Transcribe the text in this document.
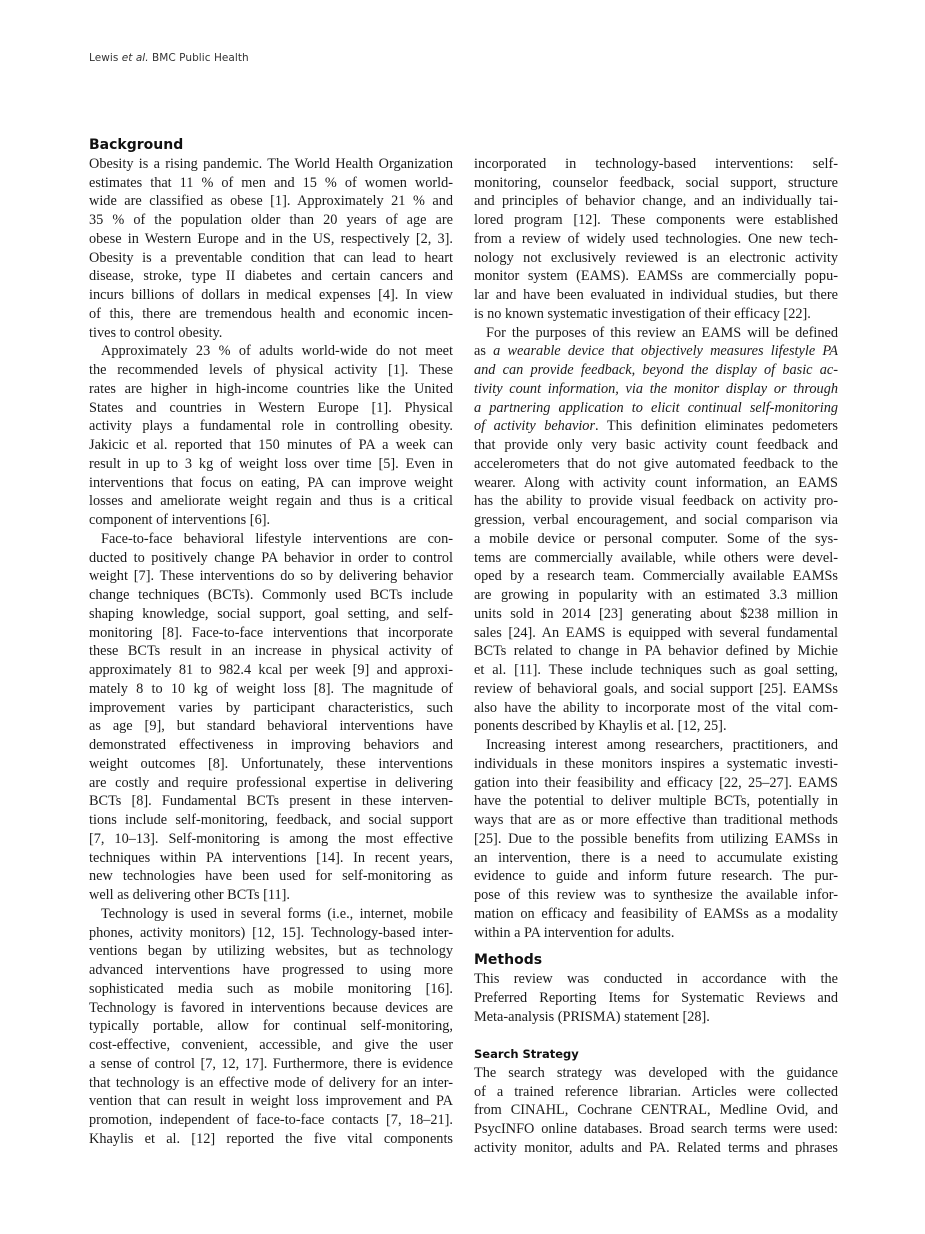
Lewis et al. BMC Public Health
Background
Obesity is a rising pandemic. The World Health Organization
estimates that 11 % of men and 15 % of women world-
wide are classified as obese [1]. Approximately 21 % and
35 % of the population older than 20 years of age are
obese in Western Europe and in the US, respectively [2, 3].
Obesity is a preventable condition that can lead to heart
disease, stroke, type II diabetes and certain cancers and
incurs billions of dollars in medical expenses [4]. In view
of this, there are tremendous health and economic incen-
tives to control obesity.
Approximately 23 % of adults world-wide do not meet
the recommended levels of physical activity [1]. These
rates are higher in high-income countries like the United
States and countries in Western Europe [1]. Physical
activity plays a fundamental role in controlling obesity.
Jakicic et al. reported that 150 minutes of PA a week can
result in up to 3 kg of weight loss over time [5]. Even in
interventions that focus on eating, PA can improve weight
losses and ameliorate weight regain and thus is a critical
component of interventions [6].
Face-to-face behavioral lifestyle interventions are con-
ducted to positively change PA behavior in order to control
weight [7]. These interventions do so by delivering behavior
change techniques (BCTs). Commonly used BCTs include
shaping knowledge, social support, goal setting, and self-
monitoring [8]. Face-to-face interventions that incorporate
these BCTs result in an increase in physical activity of
approximately 81 to 982.4 kcal per week [9] and approxi-
mately 8 to 10 kg of weight loss [8]. The magnitude of
improvement varies by participant characteristics, such
as age [9], but standard behavioral interventions have
demonstrated effectiveness in improving behaviors and
weight outcomes [8]. Unfortunately, these interventions
are costly and require professional expertise in delivering
BCTs [8]. Fundamental BCTs present in these interven-
tions include self-monitoring, feedback, and social support
[7, 10–13]. Self-monitoring is among the most effective
techniques within PA interventions [14]. In recent years,
new technologies have been used for self-monitoring as
well as delivering other BCTs [11].
Technology is used in several forms (i.e., internet, mobile
phones, activity monitors) [12, 15]. Technology-based inter-
ventions began by utilizing websites, but as technology
advanced interventions have progressed to using more
sophisticated media such as mobile monitoring [16].
Technology is favored in interventions because devices are
typically portable, allow for continual self-monitoring,
cost-effective, convenient, accessible, and give the user
a sense of control [7, 12, 17]. Furthermore, there is evidence
that technology is an effective mode of delivery for an inter-
vention that can result in weight loss improvement and PA
promotion, independent of face-to-face contacts [7, 18–21].
Khaylis et al. [12] reported the five vital components
incorporated in technology-based interventions: self-
monitoring, counselor feedback, social support, structure
and principles of behavior change, and an individually tai-
lored program [12]. These components were established
from a review of widely used technologies. One new tech-
nology not exclusively reviewed is an electronic activity
monitor system (EAMS). EAMSs are commercially popu-
lar and have been evaluated in individual studies, but there
is no known systematic investigation of their efficacy [22].
For the purposes of this review an EAMS will be defined
as a wearable device that objectively measures lifestyle PA
and can provide feedback, beyond the display of basic ac-
tivity count information, via the monitor display or through
a partnering application to elicit continual self-monitoring
of activity behavior. This definition eliminates pedometers
that provide only very basic activity count feedback and
accelerometers that do not give automated feedback to the
wearer. Along with activity count information, an EAMS
has the ability to provide visual feedback on activity pro-
gression, verbal encouragement, and social comparison via
a mobile device or personal computer. Some of the sys-
tems are commercially available, while others were devel-
oped by a research team. Commercially available EAMSs
are growing in popularity with an estimated 3.3 million
units sold in 2014 [23] generating about $238 million in
sales [24]. An EAMS is equipped with several fundamental
BCTs related to change in PA behavior defined by Michie
et al. [11]. These include techniques such as goal setting,
review of behavioral goals, and social support [25]. EAMSs
also have the ability to incorporate most of the vital com-
ponents described by Khaylis et al. [12, 25].
Increasing interest among researchers, practitioners, and
individuals in these monitors inspires a systematic investi-
gation into their feasibility and efficacy [22, 25–27]. EAMS
have the potential to deliver multiple BCTs, potentially in
ways that are as or more effective than traditional methods
[25]. Due to the possible benefits from utilizing EAMSs in
an intervention, there is a need to accumulate existing
evidence to guide and inform future research. The pur-
pose of this review was to synthesize the available infor-
mation on efficacy and feasibility of EAMSs as a modality
within a PA intervention for adults.
Methods
This review was conducted in accordance with the
Preferred Reporting Items for Systematic Reviews and
Meta-analysis (PRISMA) statement [28].
Search Strategy
The search strategy was developed with the guidance
of a trained reference librarian. Articles were collected
from CINAHL, Cochrane CENTRAL, Medline Ovid, and
PsycINFO online databases. Broad search terms were used:
activity monitor, adults and PA. Related terms and phrases
